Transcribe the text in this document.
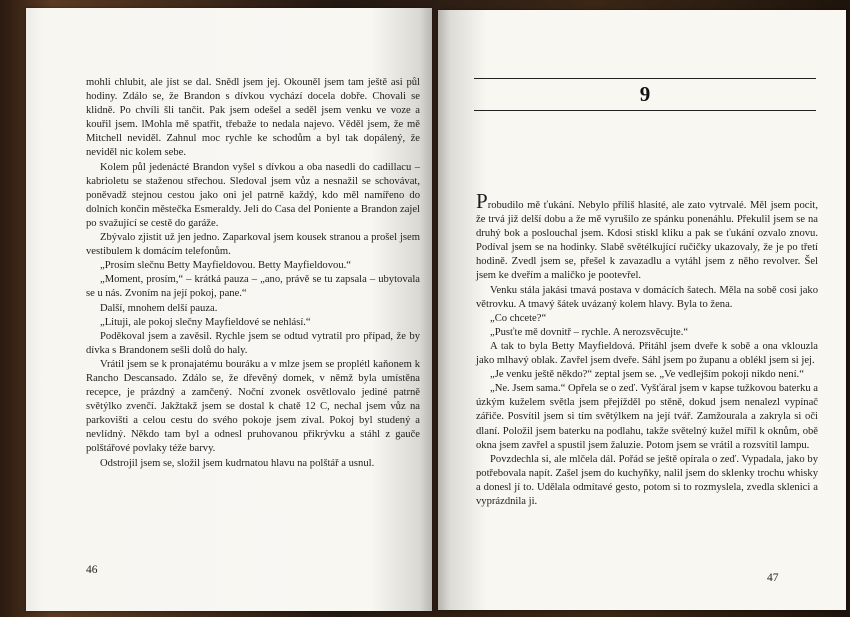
mohli chlubit, ale jíst se dal. Snědl jsem jej. Okouněl jsem tam ještě asi půl hodiny. Zdálo se, že Brandon s dívkou vychází docela dobře. Chovali se klidně. Po chvíli šli tančit. Pak jsem odešel a seděl jsem venku ve voze a kouřil jsem. lMohla mě spatřit, třebaže to nedala najevo. Věděl jsem, že mě Mitchell neviděl. Zahnul moc rychle ke schodům a byl tak dopálený, že neviděl nic kolem sebe.

Kolem půl jedenácté Brandon vyšel s dívkou a oba nasedli do cadillacu – kabrioletu se staženou střechou. Sledoval jsem vůz a nesnažil se schovávat, poněvadž stejnou cestou jako oni jel patrně každý, kdo měl namířeno do dolních končin městečka Esmeraldy. Jeli do Casa del Poniente a Brandon zajel po svažující se cestě do garáže.

Zbývalo zjistit už jen jedno. Zaparkoval jsem kousek stranou a prošel jsem vestibulem k domácím telefonům.

„Prosím slečnu Betty Mayfieldovou. Betty Mayfieldovou.“

„Moment, prosím,“ – krátká pauza – „ano, právě se tu zapsala – ubytovala se u nás. Zvoním na její pokoj, pane.“

Další, mnohem delší pauza.

„Lituji, ale pokoj slečny Mayfieldové se nehlásí.“

Poděkoval jsem a zavěsil. Rychle jsem se odtud vytratil pro případ, že by dívka s Brandonem sešli dolů do haly.

Vrátil jsem se k pronajatému bouráku a v mlze jsem se proplétl kaňonem k Rancho Descansado. Zdálo se, že dřevěný domek, v němž byla umístěna recepce, je prázdný a zamčený. Noční zvonek osvětlovalo jediné patrně světýlko zvenčí. Jakžtakž jsem se dostal k chatě 12 C, nechal jsem vůz na parkovišti a celou cestu do svého pokoje jsem zíval. Pokoj byl studený a nevlídný. Někdo tam byl a odnesl pruhovanou přikrývku a stáhl z gauče polštářové povlaky téže barvy.

Odstrojil jsem se, složil jsem kudrnatou hlavu na polštář a usnul.

46
9

Probudilo mě ťukání. Nebylo příliš hlasité, ale zato vytrvalé. Měl jsem pocit, že trvá již delší dobu a že mě vyrušilo ze spánku ponenáhlu. Překulil jsem se na druhý bok a poslouchal jsem. Kdosi stiskl kliku a pak se ťukání ozvalo znovu. Podíval jsem se na hodinky. Slabě světélkující ručičky ukazovaly, že je po třetí hodině. Zvedl jsem se, přešel k zavazadlu a vytáhl jsem z něho revolver. Šel jsem ke dveřím a maličko je pootevřel.

Venku stála jakási tmavá postava v domácích šatech. Měla na sobě cosi jako větrovku. A tmavý šátek uvázaný kolem hlavy. Byla to žena.

„Co chcete?“

„Pusťte mě dovnitř – rychle. A nerozsvěcujte.“

A tak to byla Betty Mayfieldová. Přitáhl jsem dveře k sobě a ona vklouzla jako mlhavý oblak. Zavřel jsem dveře. Sáhl jsem po županu a oblékl jsem si jej.

„Je venku ještě někdo?“ zeptal jsem se. „Ve vedlejším pokoji nikdo není.“

„Ne. Jsem sama.“ Opřela se o zeď. Vyšťáral jsem v kapse tužkovou baterku a úzkým kuželem světla jsem přejížděl po stěně, dokud jsem nenalezl vypínač zářiče. Posvítil jsem si tím světýlkem na její tvář. Zamžourala a zakryla si oči dlaní. Položil jsem baterku na podlahu, takže světelný kužel mířil k oknům, obě okna jsem zavřel a spustil jsem žaluzie. Potom jsem se vrátil a rozsvítil lampu.

Povzdechla si, ale mlčela dál. Pořád se ještě opírala o zeď. Vypadala, jako by potřebovala napít. Zašel jsem do kuchyňky, nalil jsem do sklenky trochu whisky a donesl jí to. Udělala odmítavé gesto, potom si to rozmyslela, zvedla sklenici a vyprázdnila ji.

47
